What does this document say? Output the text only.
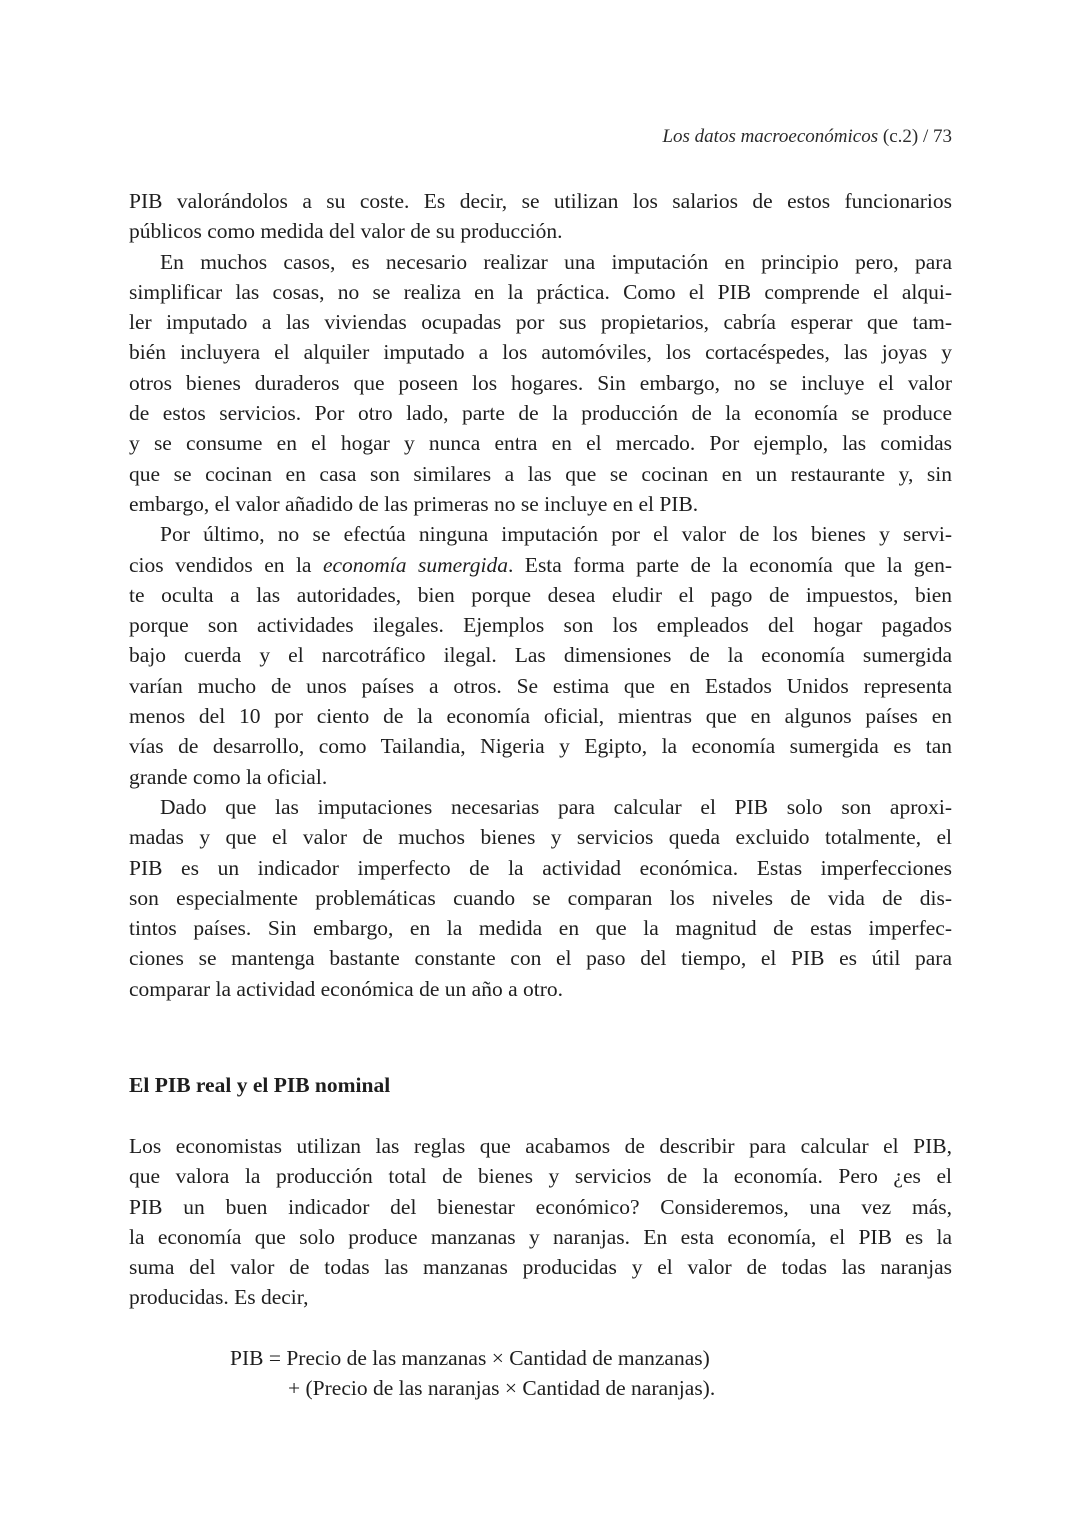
Los datos macroeconómicos (c.2) / 73
PIB valorándolos a su coste. Es decir, se utilizan los salarios de estos funcionarios
públicos como medida del valor de su producción.
En muchos casos, es necesario realizar una imputación en principio pero, para
simplificar las cosas, no se realiza en la práctica. Como el PIB comprende el alqui-
ler imputado a las viviendas ocupadas por sus propietarios, cabría esperar que tam-
bién incluyera el alquiler imputado a los automóviles, los cortacéspedes, las joyas y
otros bienes duraderos que poseen los hogares. Sin embargo, no se incluye el valor
de estos servicios. Por otro lado, parte de la producción de la economía se produce
y se consume en el hogar y nunca entra en el mercado. Por ejemplo, las comidas
que se cocinan en casa son similares a las que se cocinan en un restaurante y, sin
embargo, el valor añadido de las primeras no se incluye en el PIB.
Por último, no se efectúa ninguna imputación por el valor de los bienes y servi-
cios vendidos en la economía sumergida. Esta forma parte de la economía que la gen-
te oculta a las autoridades, bien porque desea eludir el pago de impuestos, bien
porque son actividades ilegales. Ejemplos son los empleados del hogar pagados
bajo cuerda y el narcotráfico ilegal. Las dimensiones de la economía sumergida
varían mucho de unos países a otros. Se estima que en Estados Unidos representa
menos del 10 por ciento de la economía oficial, mientras que en algunos países en
vías de desarrollo, como Tailandia, Nigeria y Egipto, la economía sumergida es tan
grande como la oficial.
Dado que las imputaciones necesarias para calcular el PIB solo son aproxi-
madas y que el valor de muchos bienes y servicios queda excluido totalmente, el
PIB es un indicador imperfecto de la actividad económica. Estas imperfecciones
son especialmente problemáticas cuando se comparan los niveles de vida de dis-
tintos países. Sin embargo, en la medida en que la magnitud de estas imperfec-
ciones se mantenga bastante constante con el paso del tiempo, el PIB es útil para
comparar la actividad económica de un año a otro.
El PIB real y el PIB nominal
Los economistas utilizan las reglas que acabamos de describir para calcular el PIB,
que valora la producción total de bienes y servicios de la economía. Pero ¿es el
PIB un buen indicador del bienestar económico? Consideremos, una vez más,
la economía que solo produce manzanas y naranjas. En esta economía, el PIB es la
suma del valor de todas las manzanas producidas y el valor de todas las naranjas
producidas. Es decir,
PIB = Precio de las manzanas × Cantidad de manzanas)
+ (Precio de las naranjas × Cantidad de naranjas).
